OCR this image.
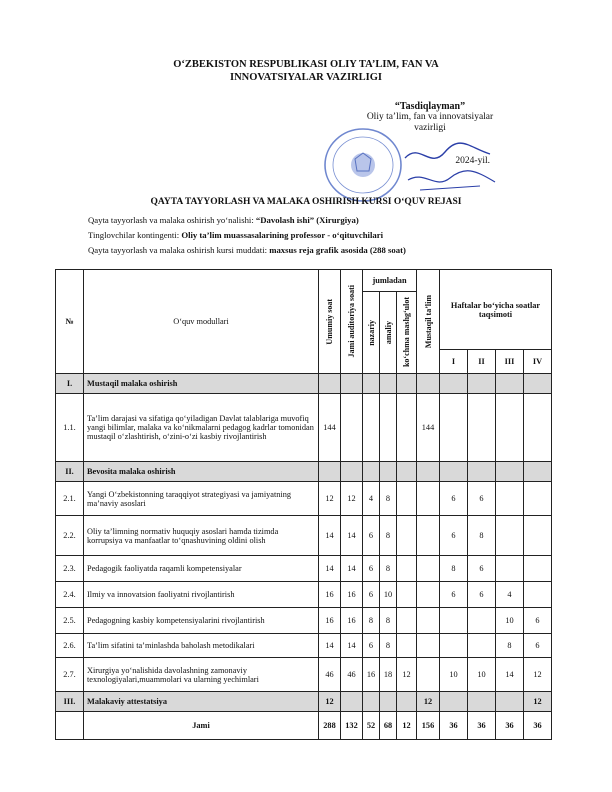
O‘ZBEKISTON RESPUBLIKASI OLIY TA’LIM, FAN VA
INNOVATSIYALAR VAZIRLIGI
“Tasdiqlayman”
Oliy ta’lim, fan va innovatsiyalar
vazirligi
2024-yil.
QAYTA TAYYORLASH VA MALAKA OSHIRISH KURSI O‘QUV REJASI
Qayta tayyorlash va malaka oshirish yo‘nalishi: “Davolash ishi” (Xirurgiya)
Tinglovchilar kontingenti: Oliy ta’lim muassasalarining professor - o‘qituvchilari
Qayta tayyorlash va malaka oshirish kursi muddati: maxsus reja grafik asosida (288 soat)
№	O‘quv modullari	Umumiy soat	Jami auditoriya soati	jumladan			Mustaqil ta’lim	Haftalar bo‘yicha soatlar taqsimoti			

				nazariy	amaliy	ko‘chma mashg‘ulot					

								I	II	III	IV
I.	Mustaqil malaka oshirish										
1.1.	Ta’lim darajasi va sifatiga qo‘yiladigan Davlat talablariga muvofiq yangi bilimlar, malaka va ko‘nikmalarni pedagog kadrlar tomonidan mustaqil o‘zlashtirish, o‘zini-o‘zi kasbiy rivojlantirish	144					144				
II.	Bevosita malaka oshirish										
2.1.	Yangi O‘zbekistonning taraqqiyot strategiyasi va jamiyatning ma’naviy asoslari	12	12	4	8			6	6		
2.2.	Oliy ta’limning normativ huquqiy asoslari hamda tizimda korrupsiya va manfaatlar to‘qnashuvining oldini olish	14	14	6	8			6	8		
2.3.	Pedagogik faoliyatda raqamli kompetensiyalar	14	14	6	8			8	6		
2.4.	Ilmiy va innovatsion faoliyatni rivojlantirish	16	16	6	10			6	6	4	
2.5.	Pedagogning kasbiy kompetensiyalarini rivojlantirish	16	16	8	8					10	6
2.6.	Ta’lim sifatini ta’minlashda baholash metodikalari	14	14	6	8					8	6
2.7.	Xirurgiya yo‘nalishida davolashning zamonaviy texnologiyalari,muammolari va ularning yechimlari	46	46	16	18	12		10	10	14	12
III.	Malakaviy attestatsiya	12					12				12
	Jami	288	132	52	68	12	156	36	36	36	36
